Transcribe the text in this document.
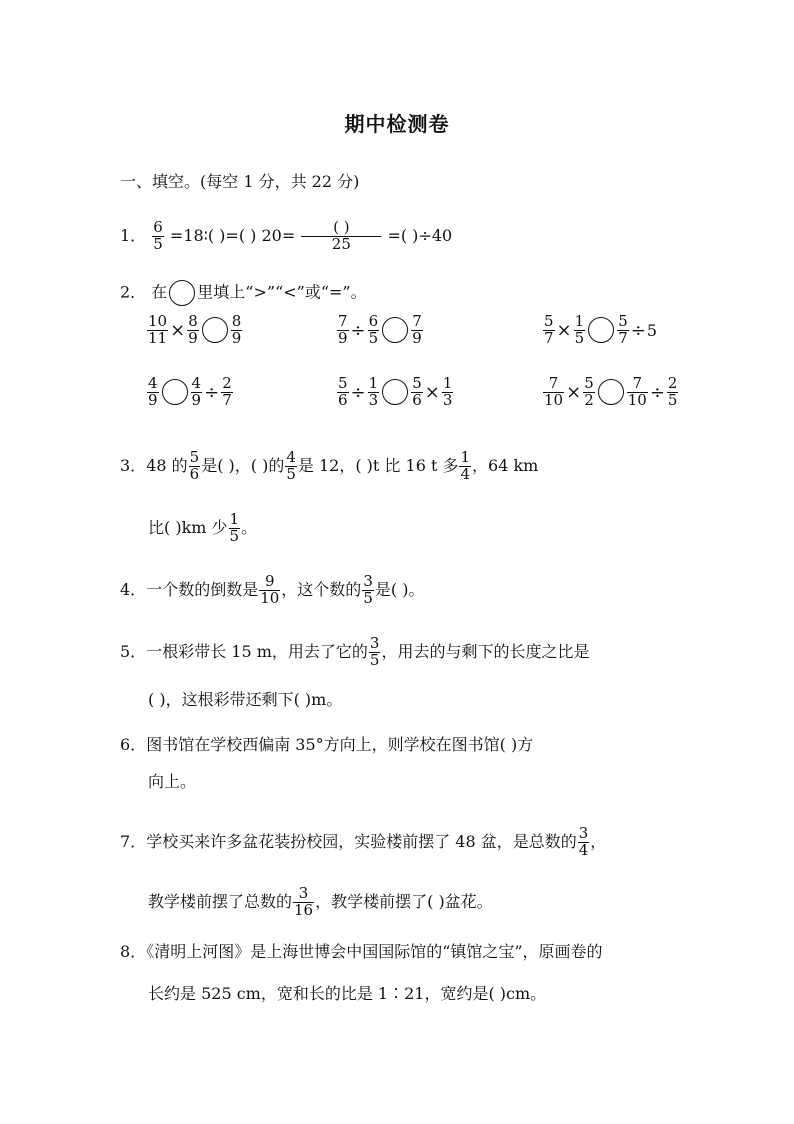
期中检测卷
一、填空。(每空 1 分，共 22 分)
1． $\frac{6}{5}$ =18∶( )=( ) $20= \frac{( )}{25}$ =( )÷40
2． 在 里填上“>”“<”或“=”。
$\frac{10}{11} \times \frac{8}{9} \frac{8}{9}$	$\frac{7}{9} \div \frac{6}{5} \frac{7}{9}$	$\frac{5}{7} \times \frac{1}{5} \frac{5}{7} \div 5$
$\frac{4}{9} \frac{4}{9} \div \frac{2}{7}$	$\frac{5}{6} \div \frac{1}{3} \frac{5}{6} \times \frac{1}{3}$	$\frac{7}{10} \times \frac{5}{2} \frac{7}{10} \div \frac{2}{5}$
3．48 的 $\frac{5}{6}$ 是( )，( )的 $\frac{4}{5}$ 是 12，( )t 比 16 t 多 $\frac{1}{4}$ ，64 km
比( )km 少 $\frac{1}{5}$ 。
4．一个数的倒数是 $\frac{9}{10}$ ，这个数的 $\frac{3}{5}$ 是( )。
5．一根彩带长 15 m，用去了它的 $\frac{3}{5}$ ，用去的与剩下的长度之比是
( )，这根彩带还剩下( )m。
6．图书馆在学校西偏南 35°方向上，则学校在图书馆( )方
向上。
7．学校买来许多盆花装扮校园，实验楼前摆了 48 盆，是总数的 $\frac{3}{4}$ ，
教学楼前摆了总数的 $\frac{3}{16}$ ，教学楼前摆了( )盆花。
8．《清明上河图》是上海世博会中国国际馆的“镇馆之宝”，原画卷的
长约是 525 cm，宽和长的比是 1∶21，宽约是( )cm。
